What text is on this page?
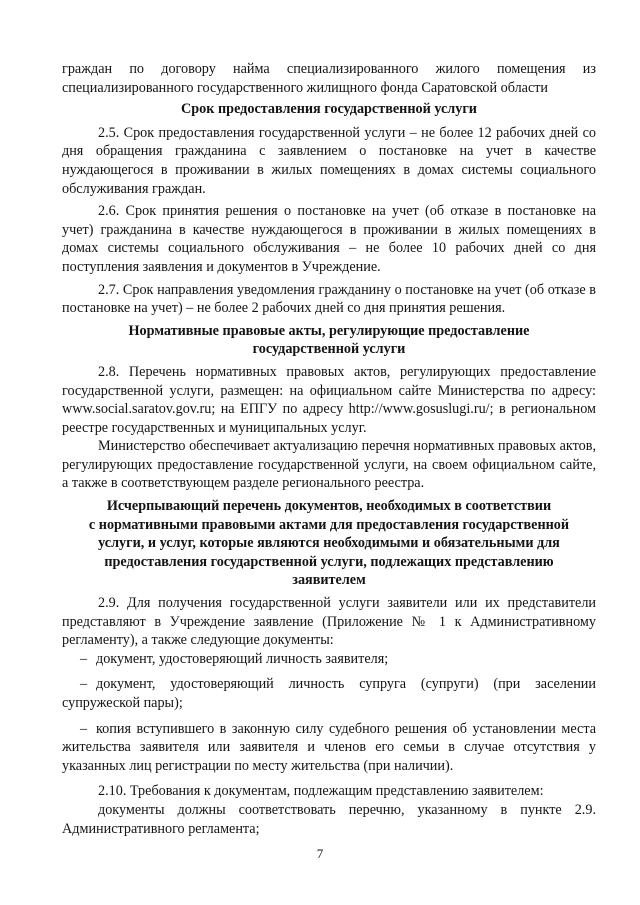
граждан по договору найма специализированного жилого помещения из специализированного государственного жилищного фонда Саратовской области

Срок предоставления государственной услуги

2.5. Срок предоставления государственной услуги – не более 12 рабочих дней со дня обращения гражданина с заявлением о постановке на учет в качестве нуждающегося в проживании в жилых помещениях в домах системы социального обслуживания граждан.

2.6. Срок принятия решения о постановке на учет (об отказе в постановке на учет) гражданина в качестве нуждающегося в проживании в жилых помещениях в домах системы социального обслуживания – не более 10 рабочих дней со дня поступления заявления и документов в Учреждение.

2.7. Срок направления уведомления гражданину о постановке на учет (об отказе в постановке на учет) – не более 2 рабочих дней со дня принятия решения.

Нормативные правовые акты, регулирующие предоставление

государственной услуги

2.8. Перечень нормативных правовых актов, регулирующих предоставление государственной услуги, размещен: на официальном сайте Министерства по адресу: www.social.saratov.gov.ru; на ЕПГУ по адресу http://www.gosuslugi.ru/; в региональном реестре государственных и муниципальных услуг.

Министерство обеспечивает актуализацию перечня нормативных правовых актов, регулирующих предоставление государственной услуги, на своем официальном сайте, а также в соответствующем разделе регионального реестра.

Исчерпывающий перечень документов, необходимых в соответствии

с нормативными правовыми актами для предоставления государственной

услуги, и услуг, которые являются необходимыми и обязательными для

предоставления государственной услуги, подлежащих представлению

заявителем

2.9. Для получения государственной услуги заявители или их представители представляют в Учреждение заявление (Приложение № 1 к Административному регламенту), а также следующие документы:

– документ, удостоверяющий личность заявителя;

– документ, удостоверяющий личность супруга (супруги) (при заселении супружеской пары);

– копия вступившего в законную силу судебного решения об установлении места жительства заявителя или заявителя и членов его семьи в случае отсутствия у указанных лиц регистрации по месту жительства (при наличии).

2.10. Требования к документам, подлежащим представлению заявителем:

документы должны соответствовать перечню, указанному в пункте 2.9. Административного регламента;

7
